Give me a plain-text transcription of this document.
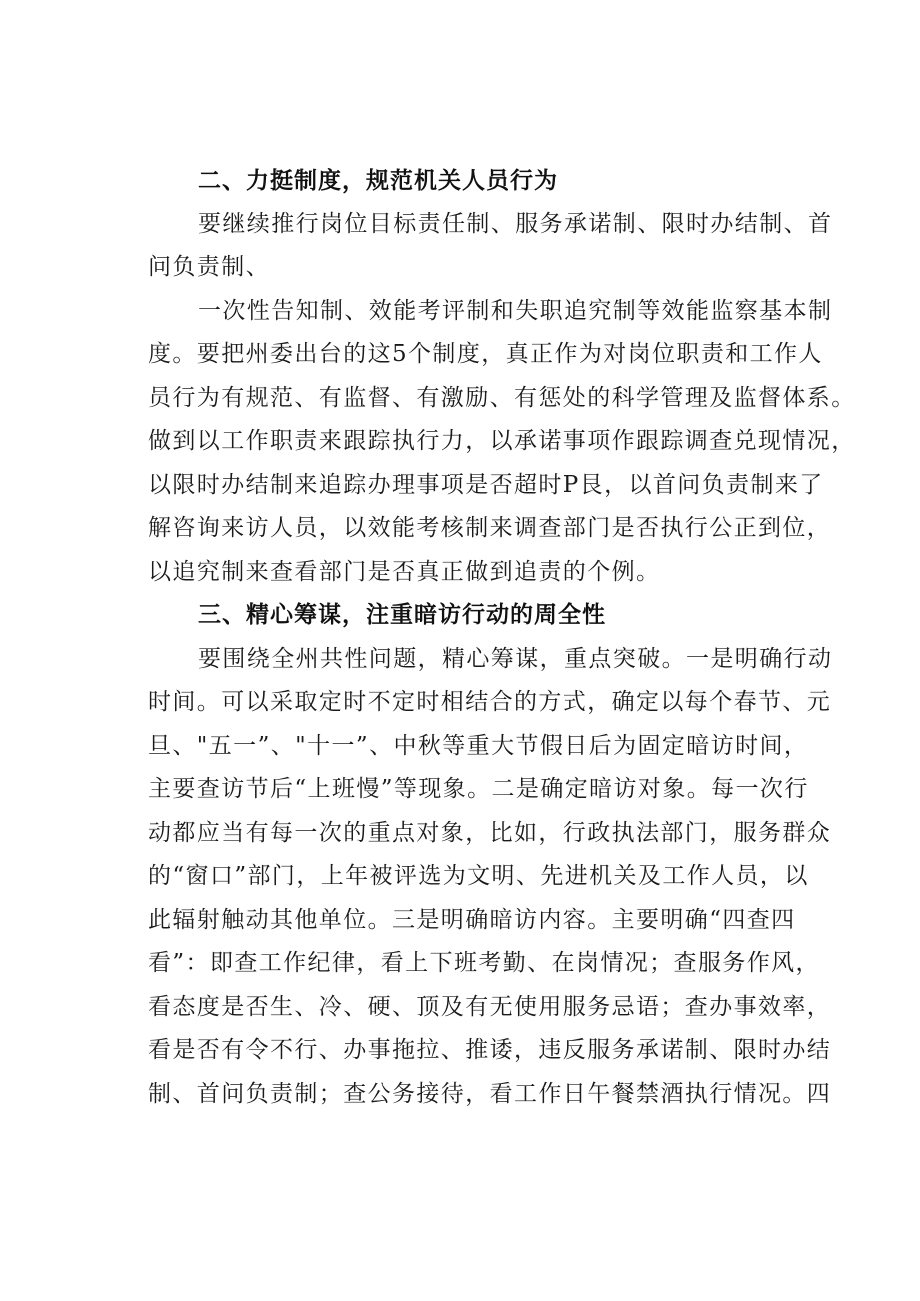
二、力挺制度，规范机关人员行为
要继续推行岗位目标责任制、服务承诺制、限时办结制、首
问负责制、
一次性告知制、效能考评制和失职追究制等效能监察基本制
度。要把州委出台的这5个制度，真正作为对岗位职责和工作人
员行为有规范、有监督、有激励、有惩处的科学管理及监督体系。
做到以工作职责来跟踪执行力，以承诺事项作跟踪调查兑现情况，
以限时办结制来追踪办理事项是否超时P艮，以首问负责制来了
解咨询来访人员，以效能考核制来调查部门是否执行公正到位，
以追究制来查看部门是否真正做到追责的个例。
三、精心筹谋，注重暗访行动的周全性
要围绕全州共性问题，精心筹谋，重点突破。一是明确行动
时间。可以采取定时不定时相结合的方式，确定以每个春节、元
旦、"五一”、"十一”、中秋等重大节假日后为固定暗访时间，
主要查访节后“上班慢”等现象。二是确定暗访对象。每一次行
动都应当有每一次的重点对象，比如，行政执法部门，服务群众
的“窗口”部门，上年被评选为文明、先进机关及工作人员，以
此辐射触动其他单位。三是明确暗访内容。主要明确“四查四
看”：即查工作纪律，看上下班考勤、在岗情况；查服务作风，
看态度是否生、冷、硬、顶及有无使用服务忌语；查办事效率，
看是否有令不行、办事拖拉、推诿，违反服务承诺制、限时办结
制、首问负责制；查公务接待，看工作日午餐禁酒执行情况。四
